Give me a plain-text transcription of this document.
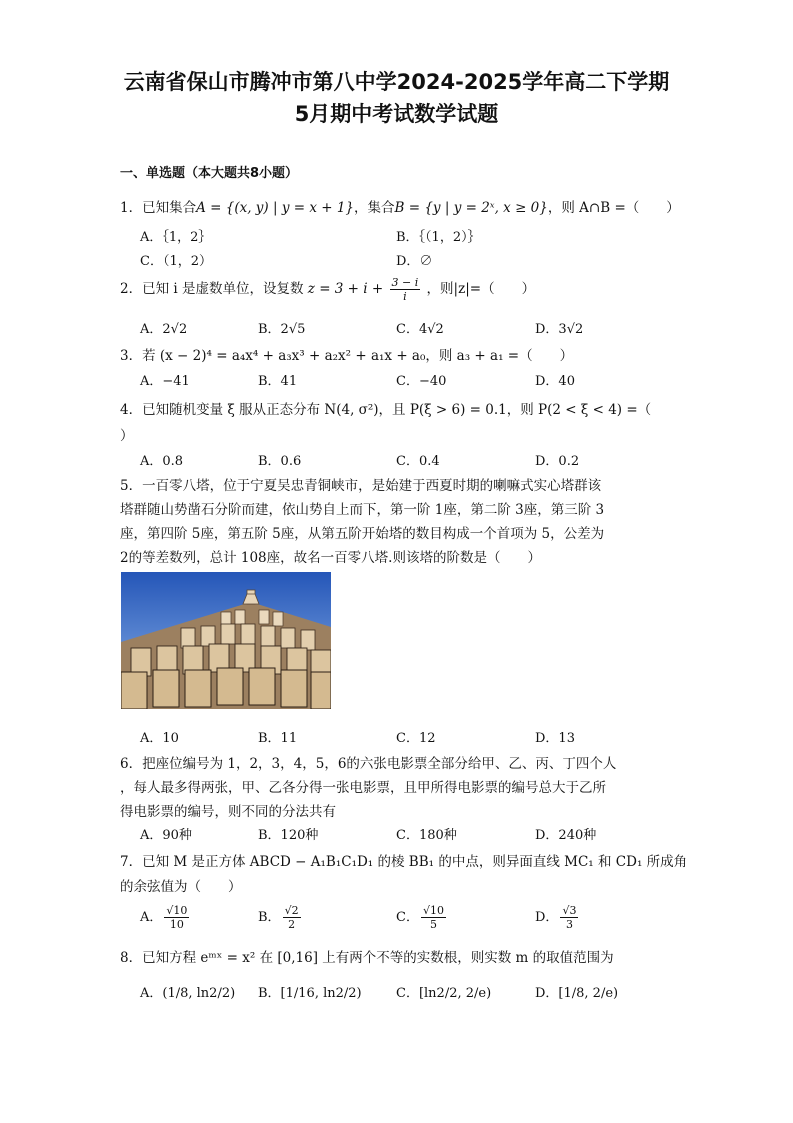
云南省保山市腾冲市第八中学2024-2025学年高二下学期
5月期中考试数学试题
一、单选题（本大题共8小题）
1．已知集合A = {(x, y) | y = x + 1}，集合B = {y | y = 2ˣ, x ≥ 0}，则 A∩B =（　　）
A．｛1，2｝	B．｛（1，2）｝
C．（1，2）	D．∅
2．已知 i 是虚数单位，设复数 $z = 3 + i + \frac{3 - i}{i}$ ，则|z|=（　　）
A．2√2	B．2√5	C．4√2	D．3√2
3．若 (x − 2)⁴ = a₄x⁴ + a₃x³ + a₂x² + a₁x + a₀，则 a₃ + a₁ =（　　）
A．−41	B．41	C．−40	D．40
4．已知随机变量 ξ 服从正态分布 N(4, σ²)，且 P(ξ > 6) = 0.1，则 P(2 < ξ < 4) =（
）
A．0.8	B．0.6	C．0.4	D．0.2
5．一百零八塔，位于宁夏吴忠青铜峡市，是始建于西夏时期的喇嘛式实心塔群该
塔群随山势凿石分阶而建，依山势自上而下，第一阶 1座，第二阶 3座，第三阶 3
座，第四阶 5座，第五阶 5座，从第五阶开始塔的数目构成一个首项为 5，公差为
2的等差数列，总计 108座，故名一百零八塔.则该塔的阶数是（　　）
A．10	B．11	C．12	D．13
6．把座位编号为 1，2，3，4，5，6的六张电影票全部分给甲、乙、丙、丁四个人
，每人最多得两张，甲、乙各分得一张电影票，且甲所得电影票的编号总大于乙所
得电影票的编号，则不同的分法共有
A．90种	B．120种	C．180种	D．240种
7．已知 M 是正方体 ABCD − A₁B₁C₁D₁ 的棱 BB₁ 的中点，则异面直线 MC₁ 和 CD₁ 所成角
的余弦值为（　　）
A． $\frac{√10}{10}$	B． $\frac{√2}{2}$	C． $\frac{√10}{5}$	D． $\frac{√3}{3}$
8．已知方程 eᵐˣ = x² 在 [0,16] 上有两个不等的实数根，则实数 m 的取值范围为
A．(1/8, ln2/2) B．[1/16, ln2/2)	C．[ln2/2, 2/e)	D．[1/8, 2/e)
